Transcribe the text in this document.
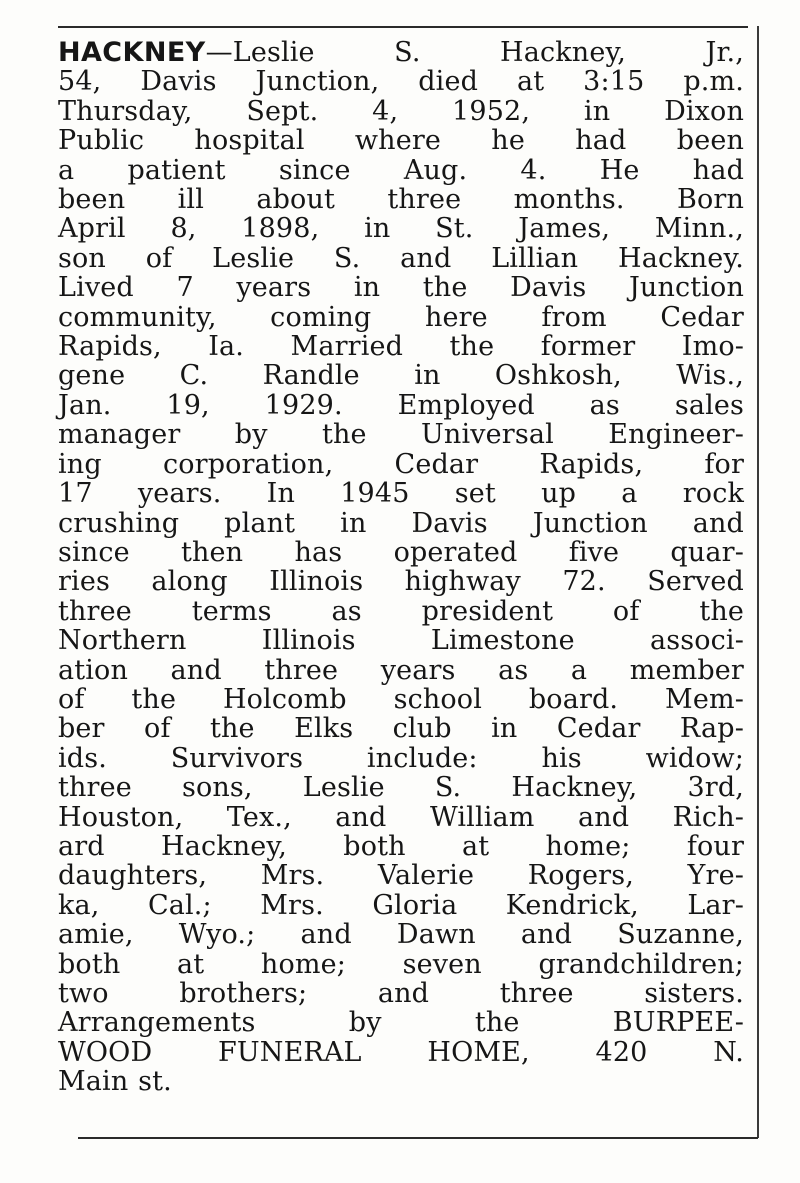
HACKNEY—Leslie S. Hackney, Jr.,
54, Davis Junction, died at 3:15 p.m.
Thursday, Sept. 4, 1952, in Dixon
Public hospital where he had been
a patient since Aug. 4. He had
been ill about three months. Born
April 8, 1898, in St. James, Minn.,
son of Leslie S. and Lillian Hackney.
Lived 7 years in the Davis Junction
community, coming here from Cedar
Rapids, Ia. Married the former Imo-
gene C. Randle in Oshkosh, Wis.,
Jan. 19, 1929. Employed as sales
manager by the Universal Engineer-
ing corporation, Cedar Rapids, for
17 years. In 1945 set up a rock
crushing plant in Davis Junction and
since then has operated five quar-
ries along Illinois highway 72. Served
three terms as president of the
Northern Illinois Limestone associ-
ation and three years as a member
of the Holcomb school board. Mem-
ber of the Elks club in Cedar Rap-
ids. Survivors include: his widow;
three sons, Leslie S. Hackney, 3rd,
Houston, Tex., and William and Rich-
ard Hackney, both at home; four
daughters, Mrs. Valerie Rogers, Yre-
ka, Cal.; Mrs. Gloria Kendrick, Lar-
amie, Wyo.; and Dawn and Suzanne,
both at home; seven grandchildren;
two brothers; and three sisters.
Arrangements by the BURPEE-
WOOD FUNERAL HOME, 420 N.
Main st.
